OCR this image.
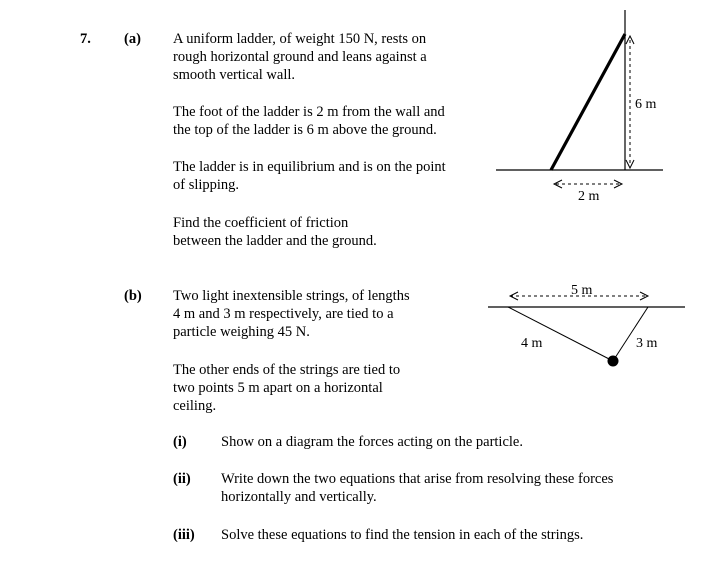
7. (a) A uniform ladder, of weight 150 N, rests on
rough horizontal ground and leans against a
smooth vertical wall.
The foot of the ladder is 2 m from the wall and
the top of the ladder is 6 m above the ground.
The ladder is in equilibrium and is on the point
of slipping.
Find the coefficient of friction
between the ladder and the ground.
(b) Two light inextensible strings, of lengths
4 m and 3 m respectively, are tied to a
particle weighing 45 N.
The other ends of the strings are tied to
two points 5 m apart on a horizontal
ceiling.
(i) Show on a diagram the forces acting on the particle.
(ii) Write down the two equations that arise from resolving these forces
horizontally and vertically.
(iii) Solve these equations to find the tension in each of the strings.
6 m
2 m
5 m
4 m	3 m
